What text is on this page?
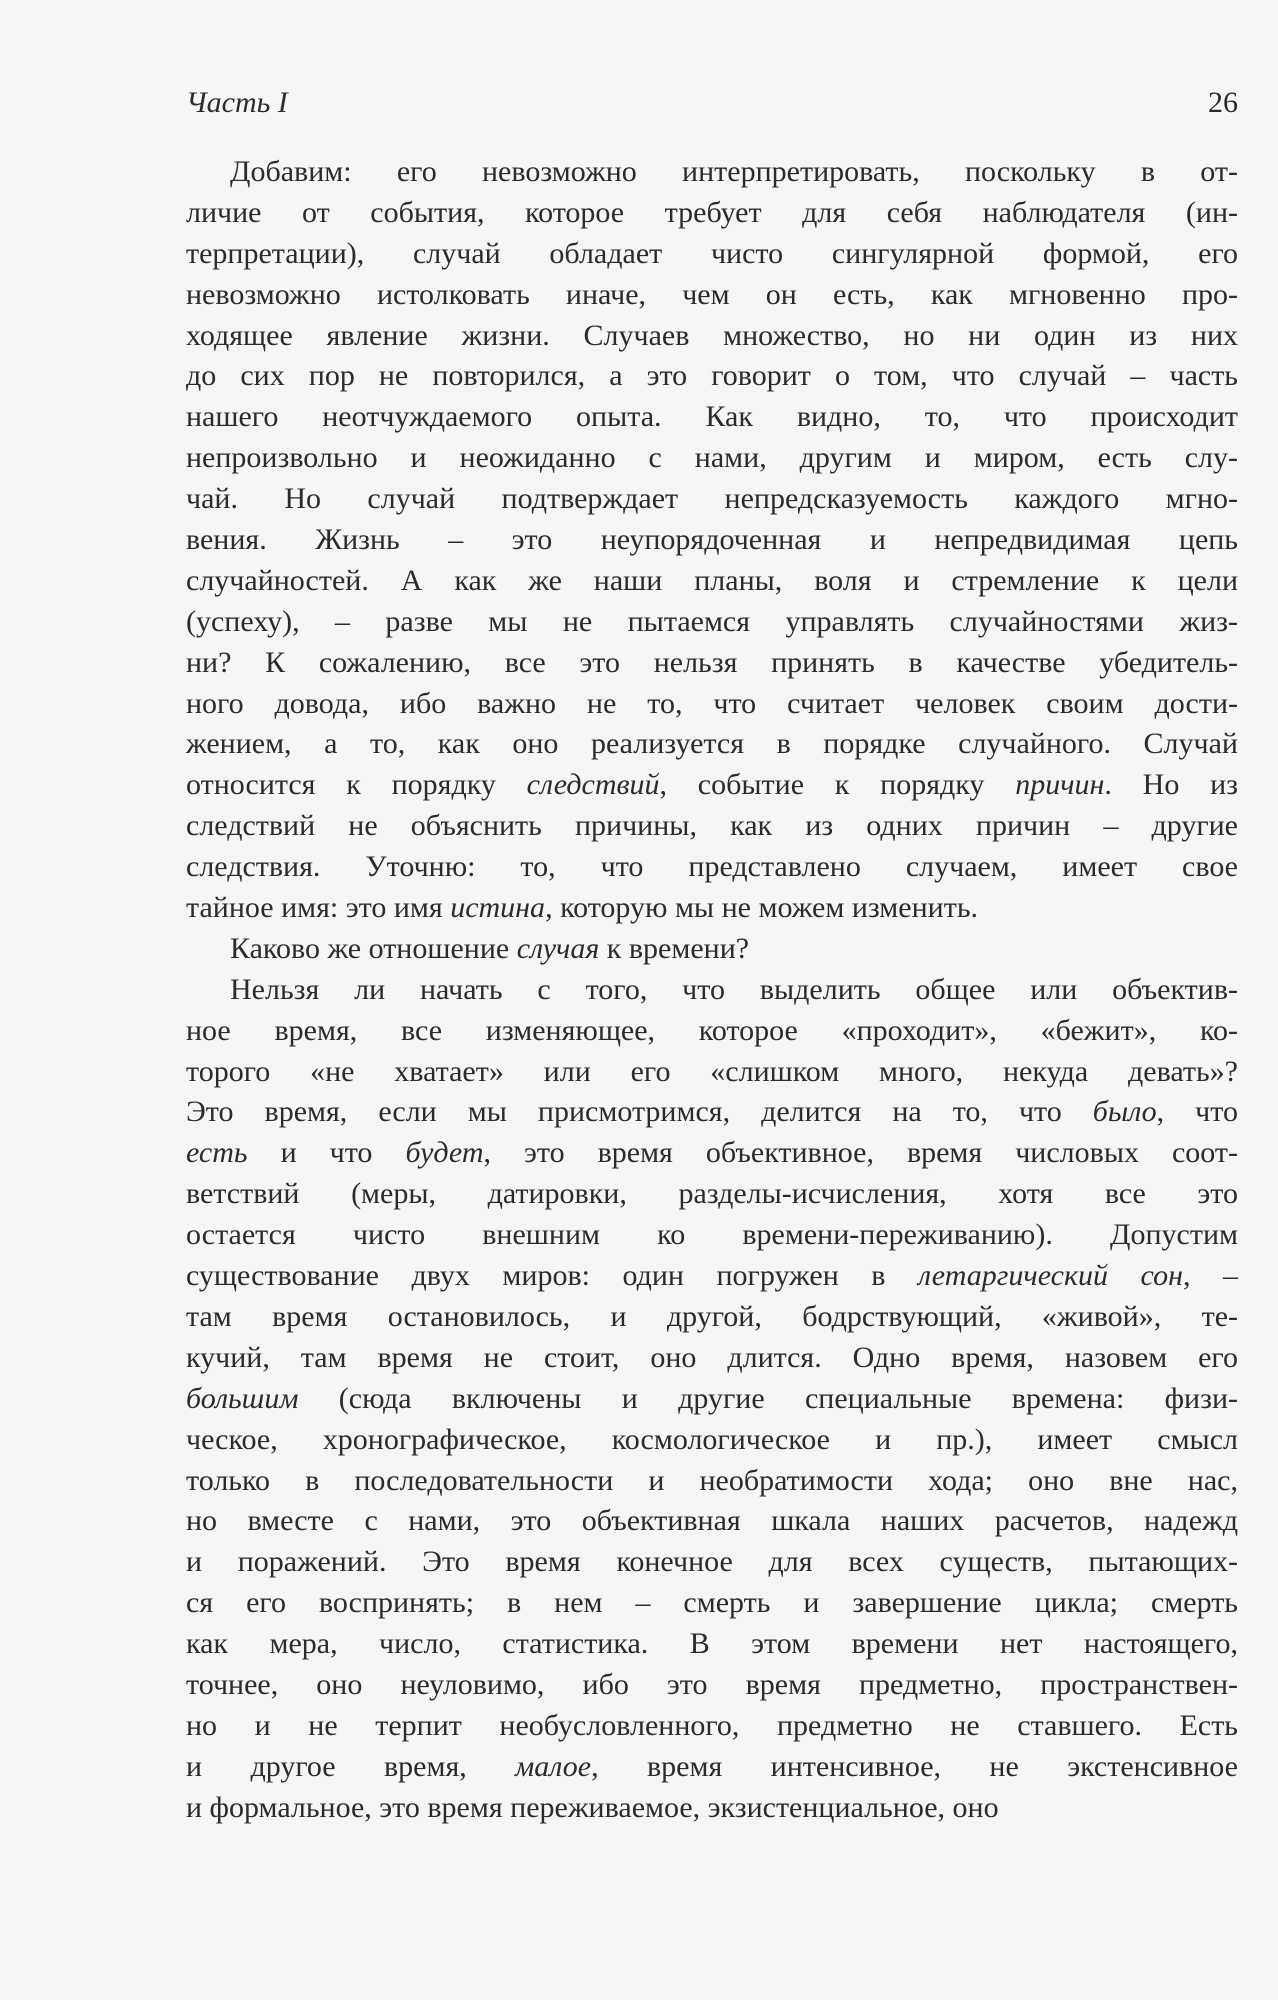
Часть I	26
Добавим: его невозможно интерпретировать, поскольку в от-
личие от события, которое требует для себя наблюдателя (ин-
терпретации), случай обладает чисто сингулярной формой, его
невозможно истолковать иначе, чем он есть, как мгновенно про-
ходящее явление жизни. Случаев множество, но ни один из них
до сих пор не повторился, а это говорит о том, что случай – часть
нашего неотчуждаемого опыта. Как видно, то, что происходит
непроизвольно и неожиданно с нами, другим и миром, есть слу-
чай. Но случай подтверждает непредсказуемость каждого мгно-
вения. Жизнь – это неупорядоченная и непредвидимая цепь
случайностей. А как же наши планы, воля и стремление к цели
(успеху), – разве мы не пытаемся управлять случайностями жиз-
ни? К сожалению, все это нельзя принять в качестве убедитель-
ного довода, ибо важно не то, что считает человек своим дости-
жением, а то, как оно реализуется в порядке случайного. Случай
относится к порядку следствий, событие к порядку причин. Но из
следствий не объяснить причины, как из одних причин – другие
следствия. Уточню: то, что представлено случаем, имеет свое
тайное имя: это имя истина, которую мы не можем изменить.
Каково же отношение случая к времени?
Нельзя ли начать с того, что выделить общее или объектив-
ное время, все изменяющее, которое «проходит», «бежит», ко-
торого «не хватает» или его «слишком много, некуда девать»?
Это время, если мы присмотримся, делится на то, что было, что
есть и что будет, это время объективное, время числовых соот-
ветствий (меры, датировки, разделы-исчисления, хотя все это
остается чисто внешним ко времени-переживанию). Допустим
существование двух миров: один погружен в летаргический сон, –
там время остановилось, и другой, бодрствующий, «живой», те-
кучий, там время не стоит, оно длится. Одно время, назовем его
большим (сюда включены и другие специальные времена: физи-
ческое, хронографическое, космологическое и пр.), имеет смысл
только в последовательности и необратимости хода; оно вне нас,
но вместе с нами, это объективная шкала наших расчетов, надежд
и поражений. Это время конечное для всех существ, пытающих-
ся его воспринять; в нем – смерть и завершение цикла; смерть
как мера, число, статистика. В этом времени нет настоящего,
точнее, оно неуловимо, ибо это время предметно, пространствен-
но и не терпит необусловленного, предметно не ставшего. Есть
и другое время, малое, время интенсивное, не экстенсивное
и формальное, это время переживаемое, экзистенциальное, оно
